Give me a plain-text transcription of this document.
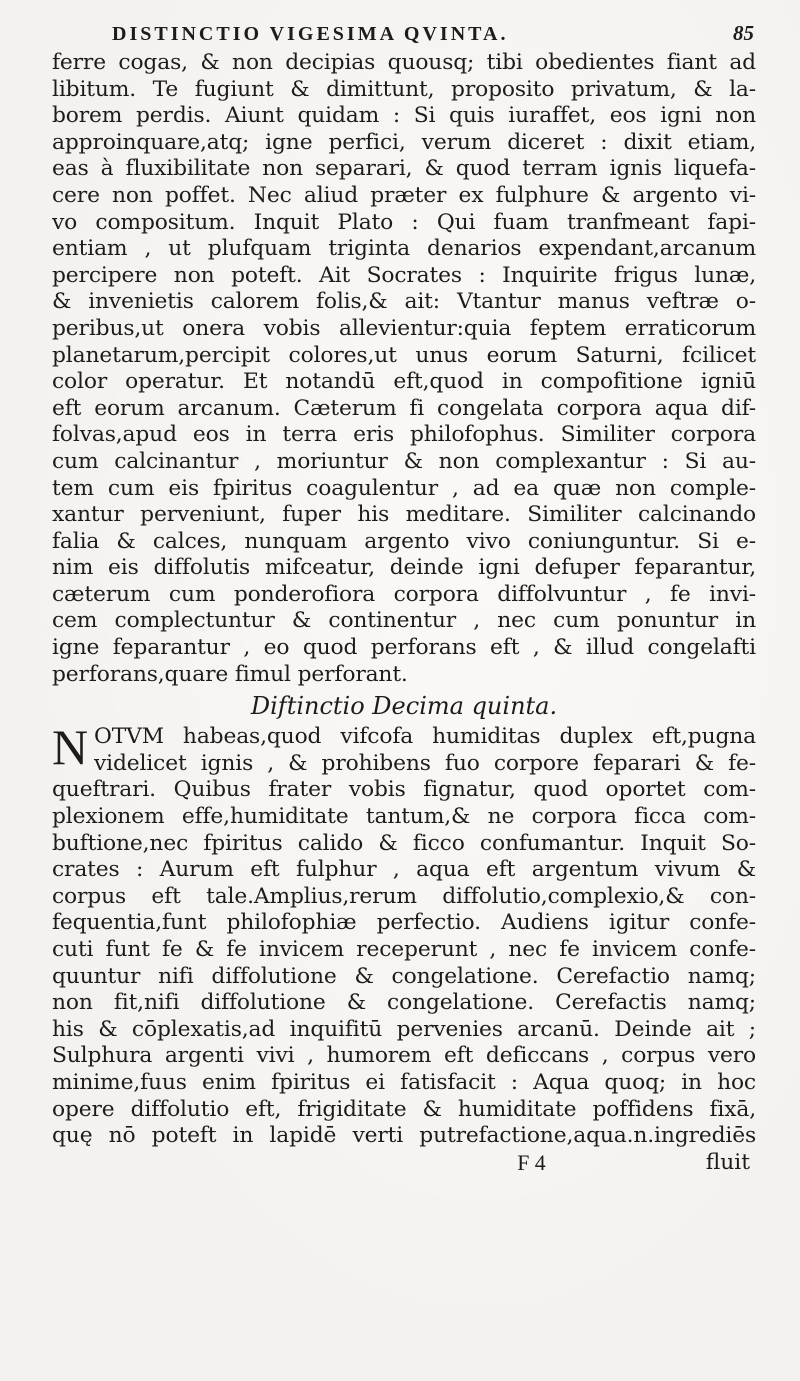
DISTINCTIO VIGESIMA QVINTA.	85
ferre cogas, & non decipias quousq; tibi obedientes fiant ad
libitum. Te fugiunt & dimittunt, proposito privatum, & la-
borem perdis. Aiunt quidam : Si quis iuraffet, eos igni non
approinquare,atq; igne perfici, verum diceret : dixit etiam,
eas à fluxibilitate non separari, & quod terram ignis liquefa-
cere non poffet. Nec aliud præter ex fulphure & argento vi-
vo compositum. Inquit Plato : Qui fuam tranfmeant fapi-
entiam , ut plufquam triginta denarios expendant,arcanum
percipere non poteft. Ait Socrates : Inquirite frigus lunæ,
& invenietis calorem folis,& ait: Vtantur manus veftræ o-
peribus,ut onera vobis allevientur:quia feptem erraticorum
planetarum,percipit colores,ut unus eorum Saturni, fcilicet
color operatur. Et notandū eft,quod in compofitione igniū
eft eorum arcanum. Cæterum fi congelata corpora aqua dif-
folvas,apud eos in terra eris philofophus. Similiter corpora
cum calcinantur , moriuntur & non complexantur : Si au-
tem cum eis fpiritus coagulentur , ad ea quæ non comple-
xantur perveniunt, fuper his meditare. Similiter calcinando
falia & calces, nunquam argento vivo coniunguntur. Si e-
nim eis diffolutis mifceatur, deinde igni defuper feparantur,
cæterum cum ponderofiora corpora diffolvuntur , fe invi-
cem complectuntur & continentur , nec cum ponuntur in
igne feparantur , eo quod perforans eft , & illud congelafti
perforans,quare fimul perforant.
Diftinctio Decima quinta.
N OTVM habeas,quod vifcofa humiditas duplex eft,pugna
videlicet ignis , & prohibens fuo corpore feparari & fe-
queftrari. Quibus frater vobis fignatur, quod oportet com-
plexionem effe,humiditate tantum,& ne corpora ficca com-
buftione,nec fpiritus calido & ficco confumantur. Inquit So-
crates : Aurum eft fulphur , aqua eft argentum vivum &
corpus eft tale.Amplius,rerum diffolutio,complexio,& con-
fequentia,funt philofophiæ perfectio. Audiens igitur confe-
cuti funt fe & fe invicem receperunt , nec fe invicem confe-
quuntur nifi diffolutione & congelatione. Cerefactio namq;
non fit,nifi diffolutione & congelatione. Cerefactis namq;
his & cōplexatis,ad inquifitū pervenies arcanū. Deinde ait ;
Sulphura argenti vivi , humorem eft deficcans , corpus vero
minime,fuus enim fpiritus ei fatisfacit : Aqua quoq; in hoc
opere diffolutio eft, frigiditate & humiditate poffidens fixā,
quę nō poteft in lapidē verti putrefactione,aqua.n.ingrediēs
F 4	fluit
